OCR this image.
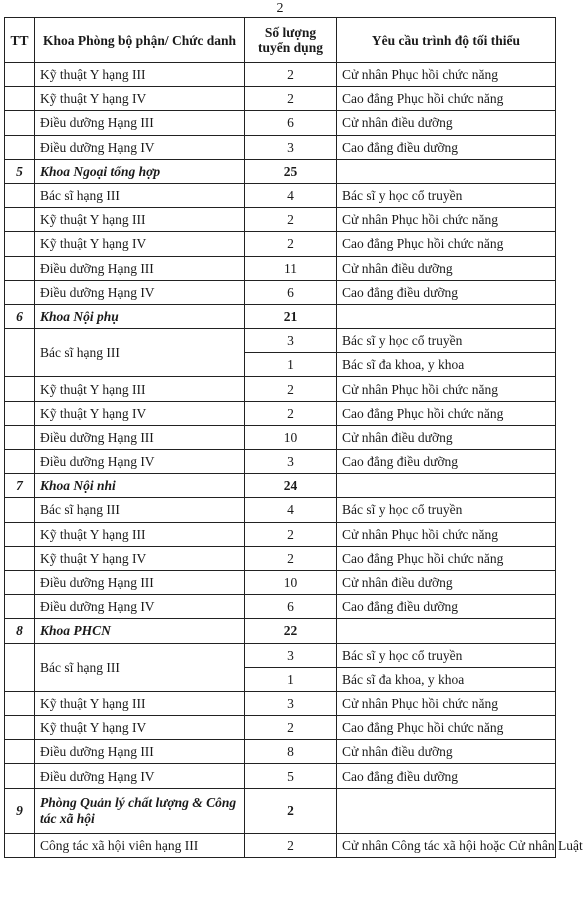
2
TT	Khoa Phòng bộ phận/ Chức danh	Số lượng tuyển dụng	Yêu cầu trình độ tối thiểu
	Kỹ thuật Y hạng III	2	Cử nhân Phục hồi chức năng
	Kỹ thuật Y hạng IV	2	Cao đẳng Phục hồi chức năng
	Điều dưỡng Hạng III	6	Cử nhân điều dưỡng
	Điều dưỡng Hạng IV	3	Cao đẳng điều dưỡng
5	Khoa Ngoại tổng hợp	25	
	Bác sĩ hạng III	4	Bác sĩ y học cổ truyền
	Kỹ thuật Y hạng III	2	Cử nhân Phục hồi chức năng
	Kỹ thuật Y hạng IV	2	Cao đẳng Phục hồi chức năng
	Điều dưỡng Hạng III	11	Cử nhân điều dưỡng
	Điều dưỡng Hạng IV	6	Cao đẳng điều dưỡng
6	Khoa Nội phụ	21	
	Bác sĩ hạng III	3	Bác sĩ y học cổ truyền
		1	Bác sĩ đa khoa, y khoa
	Kỹ thuật Y hạng III	2	Cử nhân Phục hồi chức năng
	Kỹ thuật Y hạng IV	2	Cao đẳng Phục hồi chức năng
	Điều dưỡng Hạng III	10	Cử nhân điều dưỡng
	Điều dưỡng Hạng IV	3	Cao đẳng điều dưỡng
7	Khoa Nội nhi	24	
	Bác sĩ hạng III	4	Bác sĩ y học cổ truyền
	Kỹ thuật Y hạng III	2	Cử nhân Phục hồi chức năng
	Kỹ thuật Y hạng IV	2	Cao đẳng Phục hồi chức năng
	Điều dưỡng Hạng III	10	Cử nhân điều dưỡng
	Điều dưỡng Hạng IV	6	Cao đẳng điều dưỡng
8	Khoa PHCN	22	
	Bác sĩ hạng III	3	Bác sĩ y học cổ truyền
		1	Bác sĩ đa khoa, y khoa
	Kỹ thuật Y hạng III	3	Cử nhân Phục hồi chức năng
	Kỹ thuật Y hạng IV	2	Cao đẳng Phục hồi chức năng
	Điều dưỡng Hạng III	8	Cử nhân điều dưỡng
	Điều dưỡng Hạng IV	5	Cao đẳng điều dưỡng
9	Phòng Quản lý chất lượng & Công tác xã hội	2	
	Công tác xã hội viên hạng III	2	Cử nhân Công tác xã hội hoặc Cử nhân Luật
